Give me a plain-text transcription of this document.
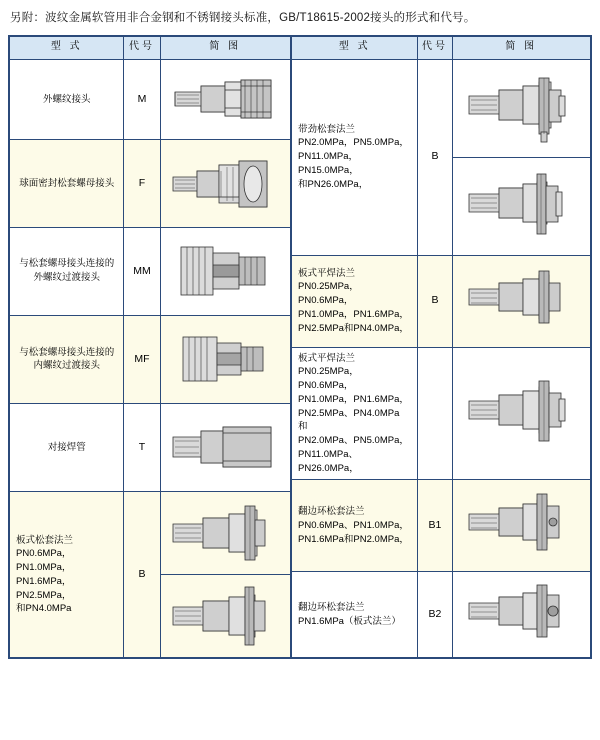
另附：波纹金属软管用非合金钢和不锈钢接头标准，GB/T18615-2002接头的形式和代号。
型 式	代号	简 图
外螺纹接头	M	

球面密封松套螺母接头	F	

与松套螺母接头连接的外螺纹过渡接头	MM	

与松套螺母接头连接的内螺纹过渡接头	MF	

对接焊管	T	

板式松套法兰
PN0.6MPa，PN1.0MPa，
PN1.6MPa，PN2.5MPa，
和PN4.0MPa	B	

型 式	代号	简 图

带劲松套法兰
PN2.0MPa，PN5.0MPa，
PN11.0MPa，PN15.0MPa，
和PN26.0MPa，	B	

板式平焊法兰
PN0.25MPa，PN0.6MPa，
PN1.0MPa，PN1.6MPa，
PN2.5MPa和PN4.0MPa，	B	

板式平焊法兰
PN0.25MPa，PN0.6MPa，
PN1.0MPa，PN1.6MPa，
PN2.5MPa、PN4.0MPa 和
PN2.0MPa、PN5.0MPa，
PN11.0MPa、PN26.0MPa，

翻边环松套法兰
PN0.6MPa、PN1.0MPa，
PN1.6MPa和PN2.0MPa，	B1	

翻边环松套法兰
PN1.6MPa（板式法兰）	B2	
